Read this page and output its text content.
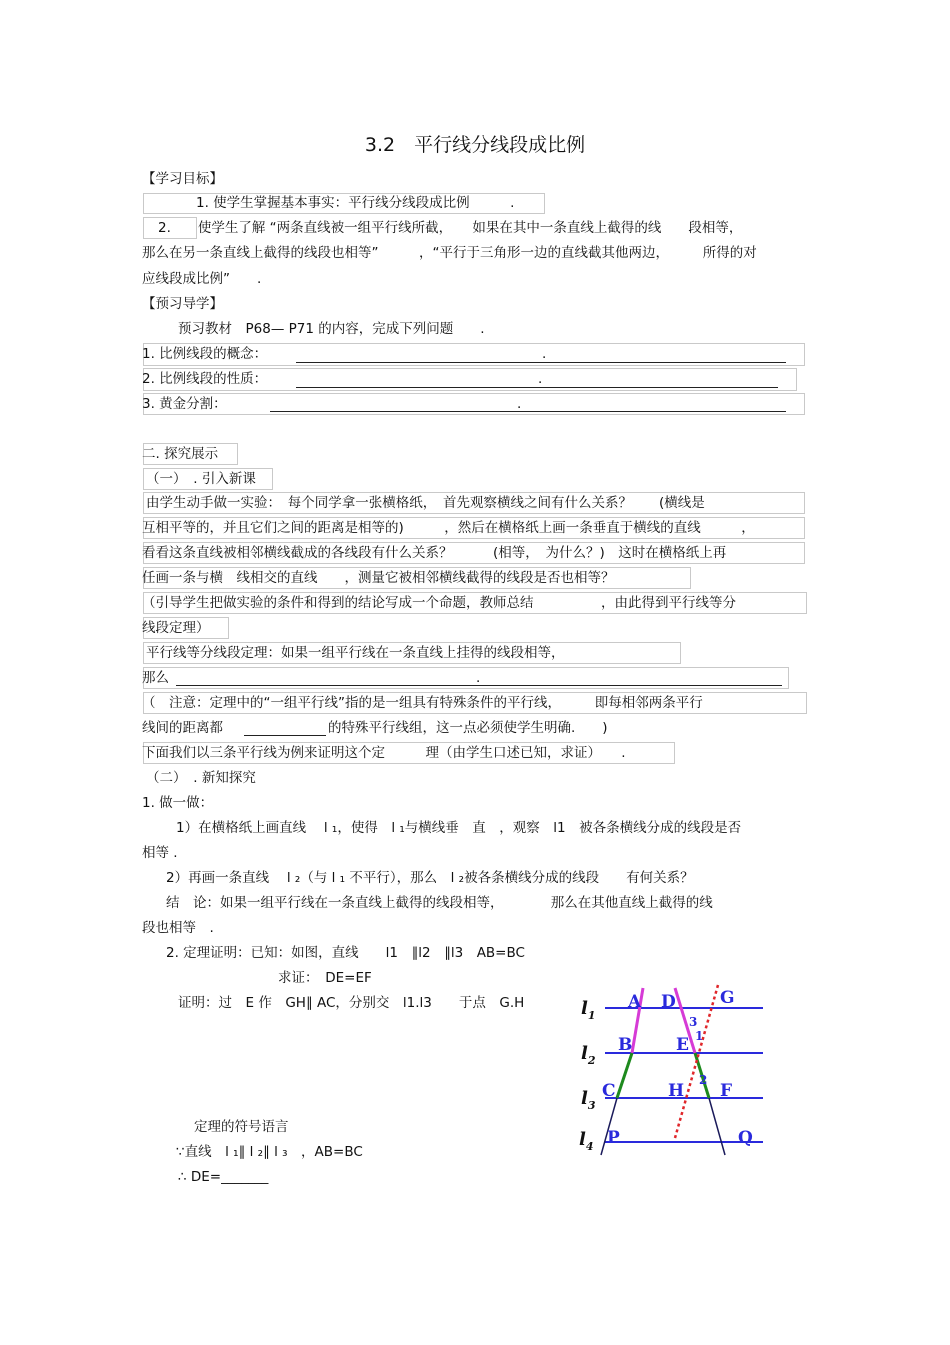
3.2　平行线分线段成比例
【学习目标】
1. 使学生掌握基本事实：平行线分线段成比例　　　.
2.　　使学生了解 “两条直线被一组平行线所截，　　如果在其中一条直线上截得的线　　段相等，
那么在另一条直线上截得的线段也相等”　　　，“平行于三角形一边的直线截其他两边，　　　所得的对
应线段成比例”　　.
【预习导学】
预习教材　P68— P71 的内容，完成下列问题　　.
1. 比例线段的概念：	.
2. 比例线段的性质：	.
3. 黄金分割：	.
二. 探究展示
（一）　. 引入新课
由学生动手做一实验：　每个同学拿一张横格纸，　首先观察横线之间有什么关系？　　(横线是
互相平等的，并且它们之间的距离是相等的)　　　，然后在横格纸上画一条垂直于横线的直线　　　，
看看这条直线被相邻横线截成的各线段有什么关系？　　　(相等，　为什么？)　这时在横格纸上再
任画一条与横　线相交的直线　　，测量它被相邻横线截得的线段是否也相等？
（引导学生把做实验的条件和得到的结论写成一个命题，教师总结　　　　　，由此得到平行线等分
线段定理）
平行线等分线段定理：如果一组平行线在一条直线上挂得的线段相等，
那么	.
（　注意：定理中的“一组平行线”指的是一组具有特殊条件的平行线，　　　即每相邻两条平行
线间的距离都	的特殊平行线组，这一点必须使学生明确.　　)
下面我们以三条平行线为例来证明这个定　　　理（由学生口述已知，求证）　　.
（二）　. 新知探究
1. 做一做：
1）在横格纸上画直线　 l ₁，使得　l ₁与横线垂　直　，观察　l1　被各条横线分成的线段是否
相等 .
2）再画一条直线　 l ₂（与 l ₁ 不平行），那么　l ₂被各条横线分成的线段　　有何关系？
结　论：如果一组平行线在一条直线上截得的线段相等，　　　　那么在其他直线上截得的线
段也相等　.
2. 定理证明：已知：如图，直线　　l1　∥l2　∥l3　AB=BC
求证：　DE=EF
证明：过　E 作　GH∥ AC，分别交　l1.l3　　于点　G.H
定理的符号语言
∵直线　l ₁∥ l ₂∥ l ₃　，AB=BC
∴ DE=_______
$l_1$
$l_2$
$l_3$
$l_4$
A
B
C
P
D
E
F
Q
G
H
3
1
2
